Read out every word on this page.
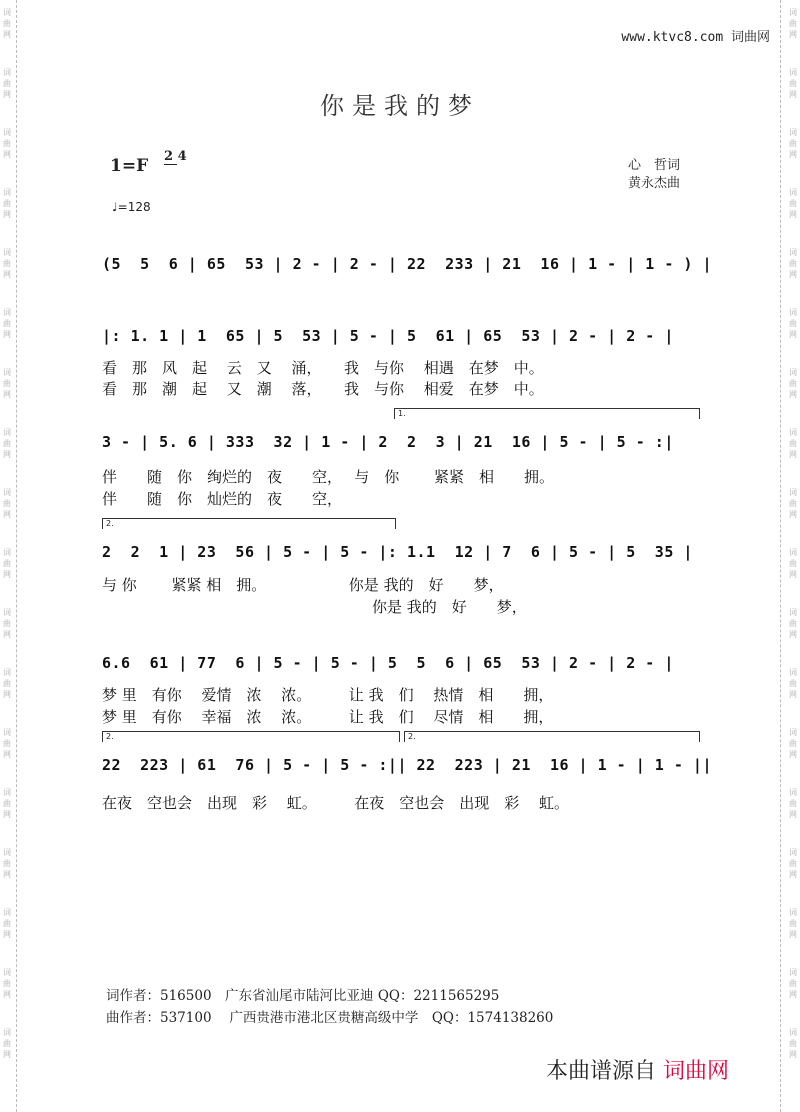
词
曲
网
词
曲
网
词
曲
网
词
曲
网
词
曲
网
词
曲
网
词
曲
网
词
曲
网
词
曲
网
词
曲
网
词
曲
网
词
曲
网
词
曲
网
词
曲
网
词
曲
网
词
曲
网
词
曲
网
词
曲
网
词
曲
网
词
曲
网
词
曲
网
词
曲
网
词
曲
网
词
曲
网
词
曲
网
词
曲
网
词
曲
网
词
曲
网
词
曲
网
词
曲
网
词
曲
网
词
曲
网
词
曲
网
词
曲
网
词
曲
网
词
曲
网
www.ktvc8.com 词曲网
你是我的梦
1=F 2 4
♩=128
心　哲词
黄永杰曲
(5  5  6 | 65  53 | 2 - | 2 - | 22  233 | 21  16 | 1 - | 1 - ) |
|: 1. 1 | 1  65 | 5  53 | 5 - | 5  61 | 65  53 | 2 - | 2 - |
看　那　风　起　 云　又　 涌，　　我　与你　 相遇　在梦　中。
看　那　潮　起　 又　潮　 落，　　我　与你　 相爱　在梦　中。
1.
3 - | 5. 6 | 333  32 | 1 - | 2  2  3 | 21  16 | 5 - | 5 - :|
伴　　随　你　绚烂的　夜　　空，　 与　你　　 紧紧　相　　拥。
伴　　随　你　灿烂的　夜　　空，
2.
2  2  1 | 23  56 | 5 - | 5 - |: 1.1  12 | 7  6 | 5 - | 5  35 |
与 你　　 紧紧 相　拥。　　　　　　你是 我的　好　　梦，
　　　　　　　　　　　　　　　　　　你是 我的　好　　梦，
6.6  61 | 77  6 | 5 - | 5 - | 5  5  6 | 65  53 | 2 - | 2 - |
梦 里　有你　 爱情　浓　 浓。　　　让 我　们　 热情　相　　拥，
梦 里　有你　 幸福　浓　 浓。　　　让 我　们　 尽情　相　　拥，
2.	2.
22  223 | 61  76 | 5 - | 5 - :|| 22  223 | 21  16 | 1 - | 1 - ||
在夜　空也会　出现　彩　 虹。　　　在夜　空也会　出现　彩　 虹。
词作者：516500　广东省汕尾市陆河比亚迪 QQ：2211565295
曲作者：537100　 广西贵港市港北区贵糖高级中学　QQ：1574138260
本曲谱源自 词曲网
